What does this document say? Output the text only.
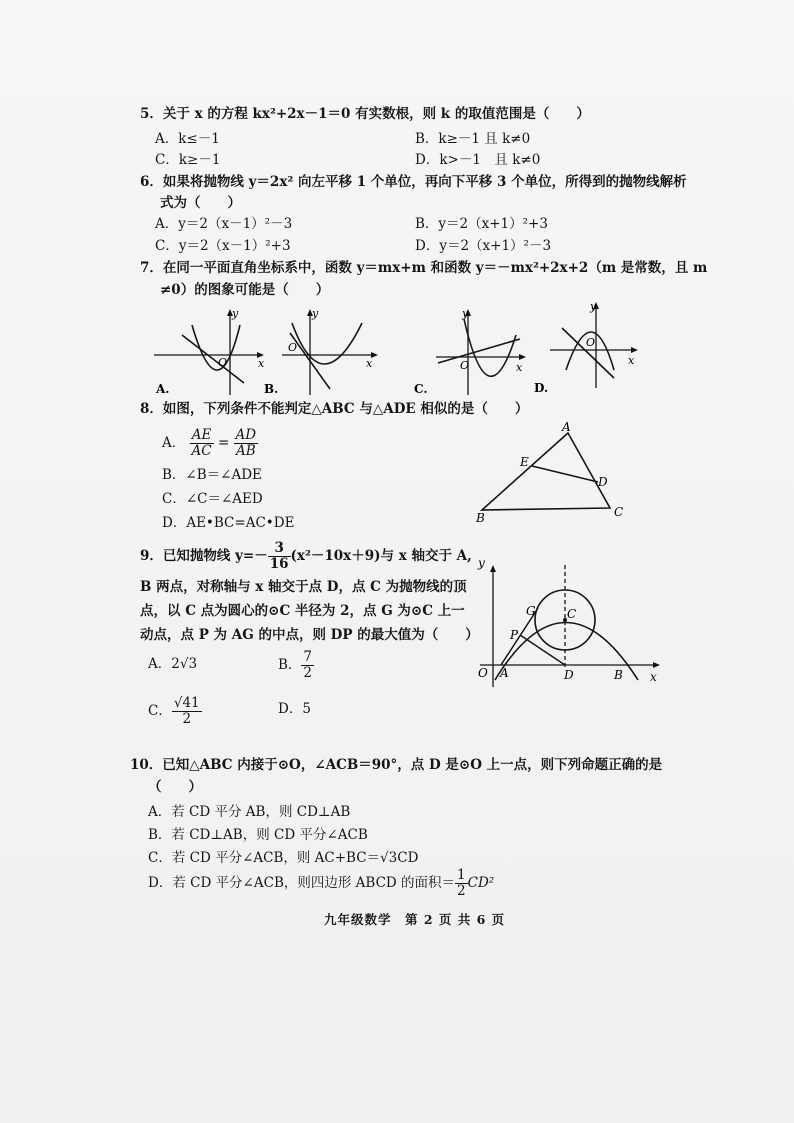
5．关于 x 的方程 kx²+2x－1＝0 有实数根，则 k 的取值范围是（　　）
A．k≤－1	B．k≥－1 且 k≠0
C．k≥－1	D．k>－1　且 k≠0
6．如果将抛物线 y＝2x² 向左平移 1 个单位，再向下平移 3 个单位，所得到的抛物线解析
式为（　　）
A．y＝2（x－1）²－3	B．y＝2（x+1）²+3
C．y＝2（x－1）²+3	D．y＝2（x+1）²－3
7．在同一平面直角坐标系中，函数 y＝mx+m 和函数 y＝－mx²+2x+2（m 是常数，且 m
≠0）的图象可能是（　　）
y
x
O
A.
y
x
O
B.
y
x
O
C.
y
x
O
D.
8．如图，下列条件不能判定△ABC 与△ADE 相似的是（　　）
A． $\frac{AE}{AC} = \frac{AD}{AB}$
B．∠B＝∠ADE
C．∠C＝∠AED
D．AE•BC=AC•DE
A
E
D
B	C
9．已知抛物线 $y=- \frac{3}{16} (x^2-10x+9)$与 x 轴交于 A,
B 两点，对称轴与 x 轴交于点 D，点 C 为抛物线的顶
点，以 C 点为圆心的⊙C 半径为 2，点 G 为⊙C 上一
动点，点 P 为 AG 的中点，则 DP 的最大值为（　　）
A．2√3	B． $\frac{7}{2}$
C． $\frac{√41}{2}$	D．5
y
x
O A	D	B
C
G
P
10．已知△ABC 内接于⊙O，∠ACB＝90°，点 D 是⊙O 上一点，则下列命题正确的是
（　　）
A．若 CD 平分 AB，则 CD⊥AB
B．若 CD⊥AB，则 CD 平分∠ACB
C．若 CD 平分∠ACB，则 AC+BC＝√3CD
D．若 CD 平分∠ACB，则四边形 ABCD 的面积＝ $\frac{1}{2} CD^2$
九年级数学　第 2 页 共 6 页
